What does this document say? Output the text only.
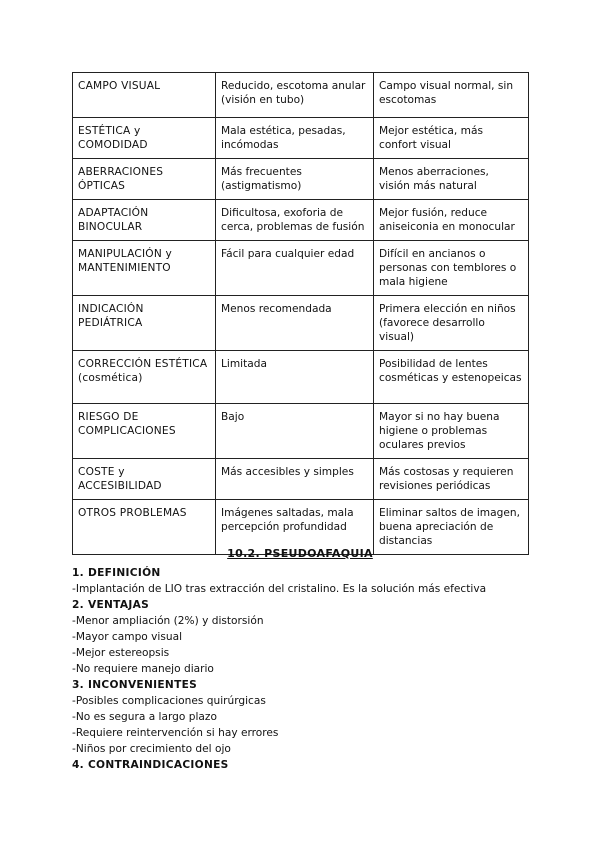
CAMPO VISUAL	Reducido, escotoma anular (visión en tubo)	Campo visual normal, sin escotomas
ESTÉTICA y COMODIDAD	Mala estética, pesadas, incómodas	Mejor estética, más confort visual
ABERRACIONES ÓPTICAS	Más frecuentes (astigmatismo)	Menos aberraciones, visión más natural
ADAPTACIÓN BINOCULAR	Dificultosa, exoforia de cerca, problemas de fusión	Mejor fusión, reduce aniseiconia en monocular
MANIPULACIÓN y MANTENIMIENTO	Fácil para cualquier edad	Difícil en ancianos o personas con temblores o mala higiene
INDICACIÓN PEDIÁTRICA	Menos recomendada	Primera elección en niños (favorece desarrollo visual)
CORRECCIÓN ESTÉTICA (cosmética)	Limitada	Posibilidad de lentes cosméticas y estenopeicas
RIESGO DE COMPLICACIONES	Bajo	Mayor si no hay buena higiene o problemas oculares previos
COSTE y ACCESIBILIDAD	Más accesibles y simples	Más costosas y requieren revisiones periódicas
OTROS PROBLEMAS	Imágenes saltadas, mala percepción profundidad	Eliminar saltos de imagen, buena apreciación de distancias
10.2. PSEUDOAFAQUIA
1. DEFINICIÓN
-Implantación de LIO tras extracción del cristalino. Es la solución más efectiva
2. VENTAJAS
-Menor ampliación (2%) y distorsión
-Mayor campo visual
-Mejor estereopsis
-No requiere manejo diario
3. INCONVENIENTES
-Posibles complicaciones quirúrgicas
-No es segura a largo plazo
-Requiere reintervención si hay errores
-Niños por crecimiento del ojo
4. CONTRAINDICACIONES
